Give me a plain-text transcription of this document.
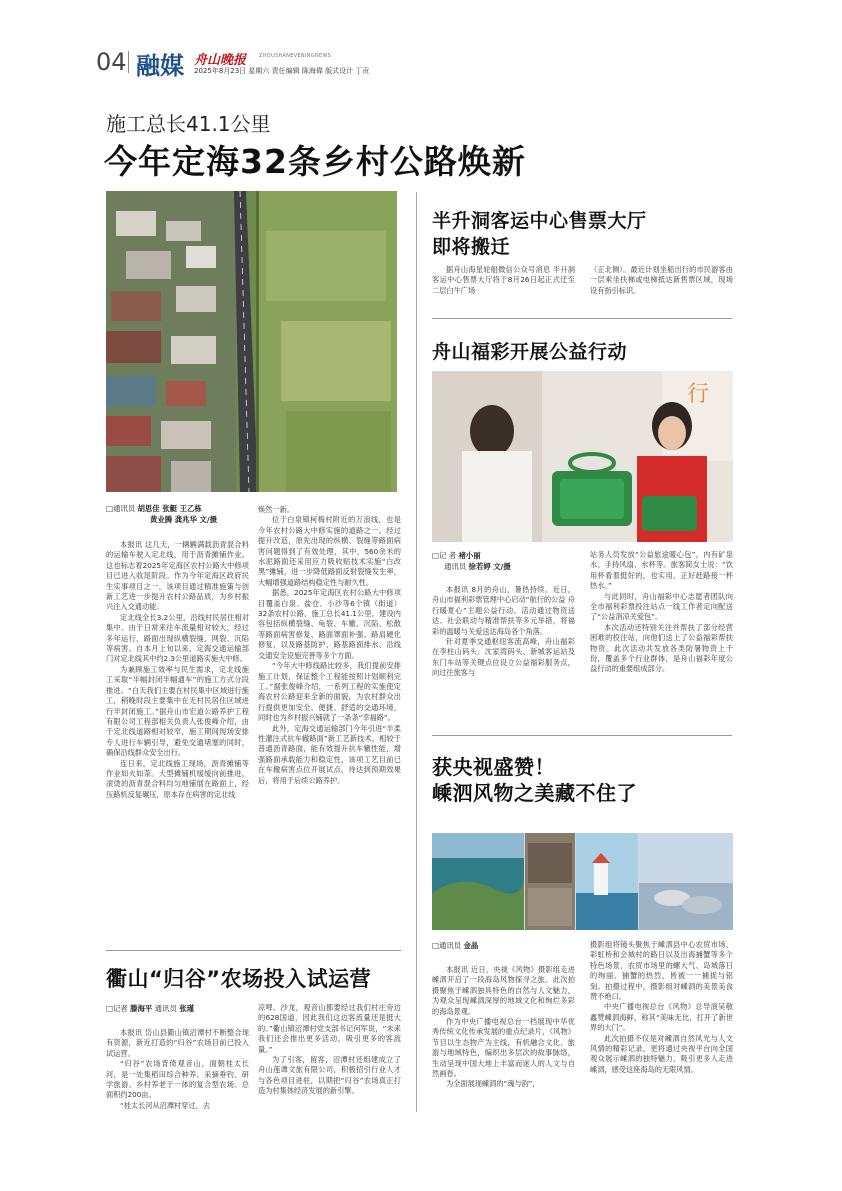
04 融媒 舟山晚报	ZHOUSHANEVENINGNEWS
2025年8月23日 星期六 责任编辑 陈海偉 版式设计 丁贡
施工总长41.1公里
今年定海32条乡村公路焕新
□通讯员 胡思佳 张艇 王乙栋
黄业腾 龚兆华 文/摄

本报讯 这几天，一辆辆满载沥青混合料的运输车驶入定北线，用于沥青摊铺作业。这也标志着2025年定海区农村公路大中修项目已进入收尾阶段。作为今年定海区政府民生实事项目之一，该项目通过精准施策与创新工艺进一步提升农村公路品质，为乡村振兴注入交通动能。

定北线全长3.2公里，沿线村民居住相对集中。由于日常来往车流量相对较大，经过多年运行，路面出现纵横裂缝、网裂、沉陷等病害。自本月上旬以来，定海交通运输部门对定北线其中约2.3公里道路实施大中修。

为兼顾施工效率与民生需求，定北线施工采取“半幅封闭半幅通车”的施工方式分段推进。“白天我们主要在村民集中区域进行施工，稍晚时段主要集中在无村民居住区域进行半封闭施工。”据舟山市宏道公路养护工程有限公司工程部相关负责人张俊峰介绍，由于定北线道路相对较窄，施工期间现场安排专人进行车辆引导，避免交通堵塞的同时，确保沿线群众安全出行。

连日来，定北线施工现场，沥青摊铺等作业如火如荼。大型摊铺机缓缓向前推进，滚烫的沥青混合料均匀地铺展在路面上，经压路机反复碾压，原本存在病害的定北线

焕然一新。

位于白泉镇柯梅村附近的万浪线，也是今年农村公路大中修实施的道路之一。经过提升改造，原先出现的纵横、裂缝等路面病害问题得到了有效处理，其中，560余米的水泥路面还采用应力吸收贴技术实施“白改黑”摊铺，进一步降低路面反射裂缝发生率，大幅增强道路结构稳定性与耐久性。

据悉，2025年定海区农村公路大中修项目覆盖白泉、盐仓、小沙等6个镇（街道）32条农村公路，施工总长41.1公里。建设内容包括纵横裂缝、龟裂、车辙、沉陷、松散等路面病害修复、路面罩面补强、路肩硬化修复，以及路基防护、路基路面排水、沿线交通安全设施完善等多个方面。

“今年大中修线路比较多，我们提前安排施工计划，保证整个工程能按照计划顺利完工。”据张俊峰介绍，一系列工程的实施使定海农村公路迎来全新的面貌，为农村群众出行提供更加安全、便捷、舒适的交通环境，同时也为乡村振兴铺就了一条条“幸福路”。

此外，定海交通运输部门今年引进“半柔性灌注式抗车辙路面”新工艺新技术，相较于普通沥青路面，能有效提升抗车辙性能，增强路面承载能力和稳定性，该项工艺目前已在车辙病害点位开展试点，待达到预期效果后，将用于后续公路养护。

半升洞客运中心售票大厅
即将搬迁

据舟山海星轮船微信公众号消息 半升洞客运中心售票大厅将于8月26日起正式迁至二层白牛广场

（正北侧）。最近计划坐船出行的市民游客由一层乘坐扶梯或电梯抵达新售票区域，现场设有指引标识。

舟山福彩开展公益行动
行
□记 者 褚小丽
通讯员 徐若婷 文/摄

本报讯 8月的舟山，暑热持续。近日，舟山市福利彩票管理中心启动“航行的公益 舟行暖夏心”主题公益行动。活动通过物资送达、社会联动与精准帮扶等多元举措，将福彩的温暖与关爱送达海岛各个角落。

针对夏季交通枢纽客流高峰，舟山福彩在李柱山码头、沈家湾码头、新城客运站及东门车站等关键点位设立公益福彩服务点，向过往旅客与

站务人员发放“公益旅途暖心包”，内有矿泉水、手持风扇、水杯等。旅客简女士说：“饮用杯看着挺好的，也实用，正好赶路接一杯热水。”

与此同时，舟山福彩中心志愿者团队向全市福利彩票投注站点一线工作者定向配送了“公益消凉关爱包”。

本次活动还特别关注并帮扶了部分经营困难的投注站，向他们送上了公益福彩帮扶物资。此次活动共发放各类防暑物资上千份，覆盖多个行业群体，是舟山福彩年度公益行动的重要组成部分。

获央视盛赞！
嵊泗风物之美藏不住了
□通讯员 金晶

本报讯 近日，央视《风物》摄影组走进嵊泗开启了一段海岛风物探寻之旅。此次拍摄聚焦于嵊泗独具特色的自然与人文魅力，为观众呈现嵊泗深厚的地域文化和绚烂多彩的海岛景观。

作为中央广播电视总台一档展现中华优秀传统文化传承发展的重点纪录片，《风物》节目以生态物产为主线，有机融合文化、旅游与地域特色，编织出多层次的故事脉络，生动呈现中国大地上丰富而迷人的人文与自然画卷。

为全面展现嵊泗的“魂与韵”，

摄影组将镜头聚焦于嵊泗县中心农贸市场、彩虹桥和会城村的路日以及出海捕蟹等多个特色场景，农贸市场里的螺大气、岛城落日的绚丽、捕蟹的热烈，皆被一一捕捉与铭刻。拍摄过程中，摄影组对嵊泗的美景美食赞不绝口。

中央广播电视总台《风物》总导演吴敬鑫赞嵊泗海鲜，称其“美味无比，打开了新世界的大门”。

此次拍摄不仅是对嵊泗自然风光与人文风情的精彩记录，更将通过央视平台向全国观众展示嵊泗的独特魅力，吸引更多人走进嵊泗，感受这座海岛的无限风情。

衢山“归谷”农场投入试运营
□记者 滕海平 通讯员 张瑾

本报讯 岱山县衢山镇沼潭村不断整合现有资源，新近打造的“归谷”农场目前已投入试运营。

“归谷”农场背倚观音山，面朝桂太长河，是一处集稻田综合种养、采摘垂钓、研学旅游、乡村养老于一体的复合型农场。总面积约200亩。

“桂太长河从沼潭村穿过，去

凉啤、沙龙，观音山都要经过我们村庄旁边的628国道，因此我们这边客流量还是挺大的。”衢山镇沼潭村党支部书记何军说，“未来我们还会推出更多活动，吸引更多的客流量。”

为了引客，留客，沼潭村还组建成立了舟山莲谭文旅有限公司，积极招引行业人才与各色项目进驻，以期把“归谷”农场真正打造为村集体经济发展的新引擎。
